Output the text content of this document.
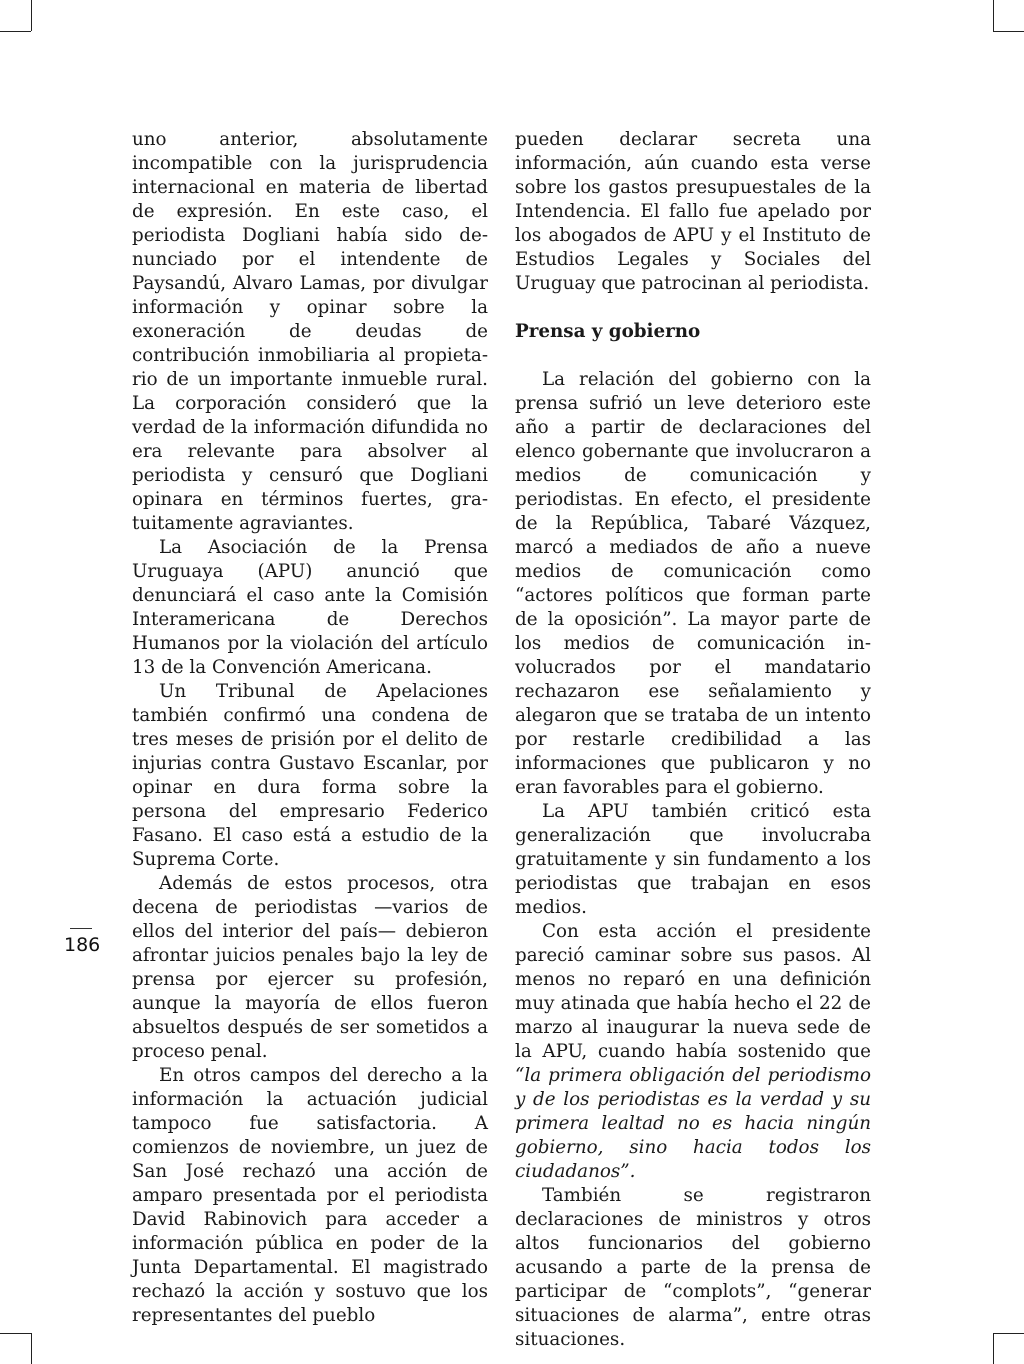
186

uno anterior, absolutamente incompatible con la jurisprudencia internacional en materia de libertad de expresión. En este caso, el periodista Dogliani había sido denunciado por el intendente de Paysandú, Alvaro Lamas, por divulgar información y opinar sobre la exoneración de deudas de contribución inmobiliaria al propietario de un importante inmueble rural. La corporación consideró que la verdad de la información difundida no era relevante para absolver al periodista y censuró que Dogliani opinara en términos fuertes, gratuitamente agraviantes.

La Asociación de la Prensa Uruguaya (APU) anunció que denunciará el caso ante la Comisión Interamericana de Derechos Humanos por la violación del artículo 13 de la Convención Americana.

Un Tribunal de Apelaciones también confirmó una condena de tres meses de prisión por el delito de injurias contra Gustavo Escanlar, por opinar en dura forma sobre la persona del empresario Federico Fasano. El caso está a estudio de la Suprema Corte.

Además de estos procesos, otra decena de periodistas —varios de ellos del interior del país— debieron afrontar juicios penales bajo la ley de prensa por ejercer su profesión, aunque la mayoría de ellos fueron absueltos después de ser sometidos a proceso penal.

En otros campos del derecho a la información la actuación judicial tampoco fue satisfactoria. A comienzos de noviembre, un juez de San José rechazó una acción de amparo presentada por el periodista David Rabinovich para acceder a información pública en poder de la Junta Departamental. El magistrado rechazó la acción y sostuvo que los representantes del pueblo

pueden declarar secreta una información, aún cuando esta verse sobre los gastos presupuestales de la Intendencia. El fallo fue apelado por los abogados de APU y el Instituto de Estudios Legales y Sociales del Uruguay que patrocinan al periodista.

Prensa y gobierno

La relación del gobierno con la prensa sufrió un leve deterioro este año a partir de declaraciones del elenco gobernante que involucraron a medios de comunicación y periodistas. En efecto, el presidente de la República, Tabaré Vázquez, marcó a mediados de año a nueve medios de comunicación como “actores políticos que forman parte de la oposición”. La mayor parte de los medios de comunicación involucrados por el mandatario rechazaron ese señalamiento y alegaron que se trataba de un intento por restarle credibilidad a las informaciones que publicaron y no eran favorables para el gobierno.

La APU también criticó esta generalización que involucraba gratuitamente y sin fundamento a los periodistas que trabajan en esos medios.

Con esta acción el presidente pareció caminar sobre sus pasos. Al menos no reparó en una definición muy atinada que había hecho el 22 de marzo al inaugurar la nueva sede de la APU, cuando había sostenido que “la primera obligación del periodismo y de los periodistas es la verdad y su primera lealtad no es hacia ningún gobierno, sino hacia todos los ciudadanos”.

También se registraron declaraciones de ministros y otros altos funcionarios del gobierno acusando a parte de la prensa de participar de “complots”, “generar situaciones de alarma”, entre otras situaciones.
